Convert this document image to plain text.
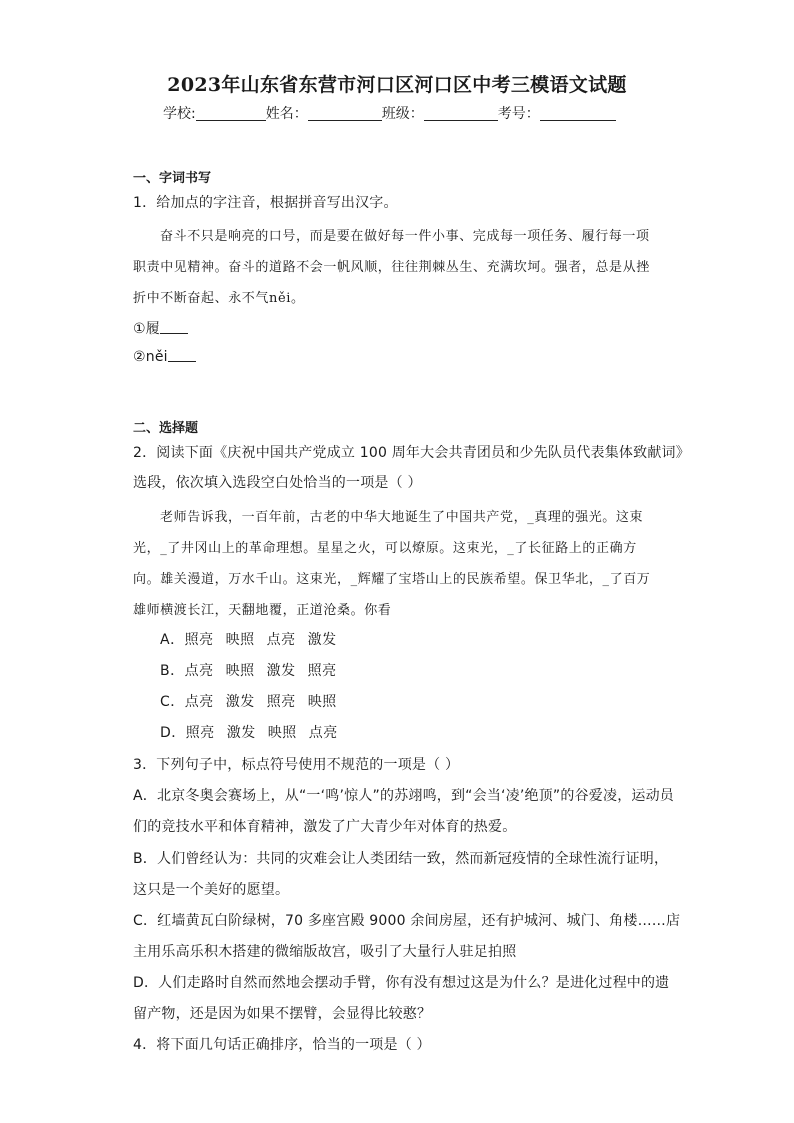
2023年山东省东营市河口区河口区中考三模语文试题
学校:	姓名：	班级：	考号：
一、字词书写
1．给加点的字注音，根据拼音写出汉字。
奋斗不只是响亮的口号，而是要在做好每一件小事、完成每一项任务、履行每一项
职责中见精神。奋斗的道路不会一帆风顺，往往荆棘丛生、充满坎坷。强者，总是从挫
折中不断奋起、永不气něi。
①履
②něi
二、选择题
2．阅读下面《庆祝中国共产党成立 100 周年大会共青团员和少先队员代表集体致献词》
选段，依次填入选段空白处恰当的一项是（ ）
老师告诉我，一百年前，古老的中华大地诞生了中国共产党，_真理的强光。这束
光，_了井冈山上的革命理想。星星之火，可以燎原。这束光，_了长征路上的正确方
向。雄关漫道，万水千山。这束光，_辉耀了宝塔山上的民族希望。保卫华北，_了百万
雄师横渡长江，天翻地覆，正道沧桑。你看
A．照亮 映照 点亮 激发
B．点亮 映照 激发 照亮
C．点亮 激发 照亮 映照
D．照亮 激发 映照 点亮
3．下列句子中，标点符号使用不规范的一项是（ ）
A．北京冬奥会赛场上，从“一‘鸣’惊人”的苏翊鸣，到“会当‘凌’绝顶”的谷爱凌，运动员
们的竞技水平和体育精神，激发了广大青少年对体育的热爱。
B．人们曾经认为：共同的灾难会让人类团结一致，然而新冠疫情的全球性流行证明，
这只是一个美好的愿望。
C．红墙黄瓦白阶绿树，70 多座宫殿 9000 余间房屋，还有护城河、城门、角楼……店
主用乐高乐积木搭建的微缩版故宫，吸引了大量行人驻足拍照
D．人们走路时自然而然地会摆动手臂，你有没有想过这是为什么？是进化过程中的遗
留产物，还是因为如果不摆臂，会显得比较憨？
4．将下面几句话正确排序，恰当的一项是（ ）
